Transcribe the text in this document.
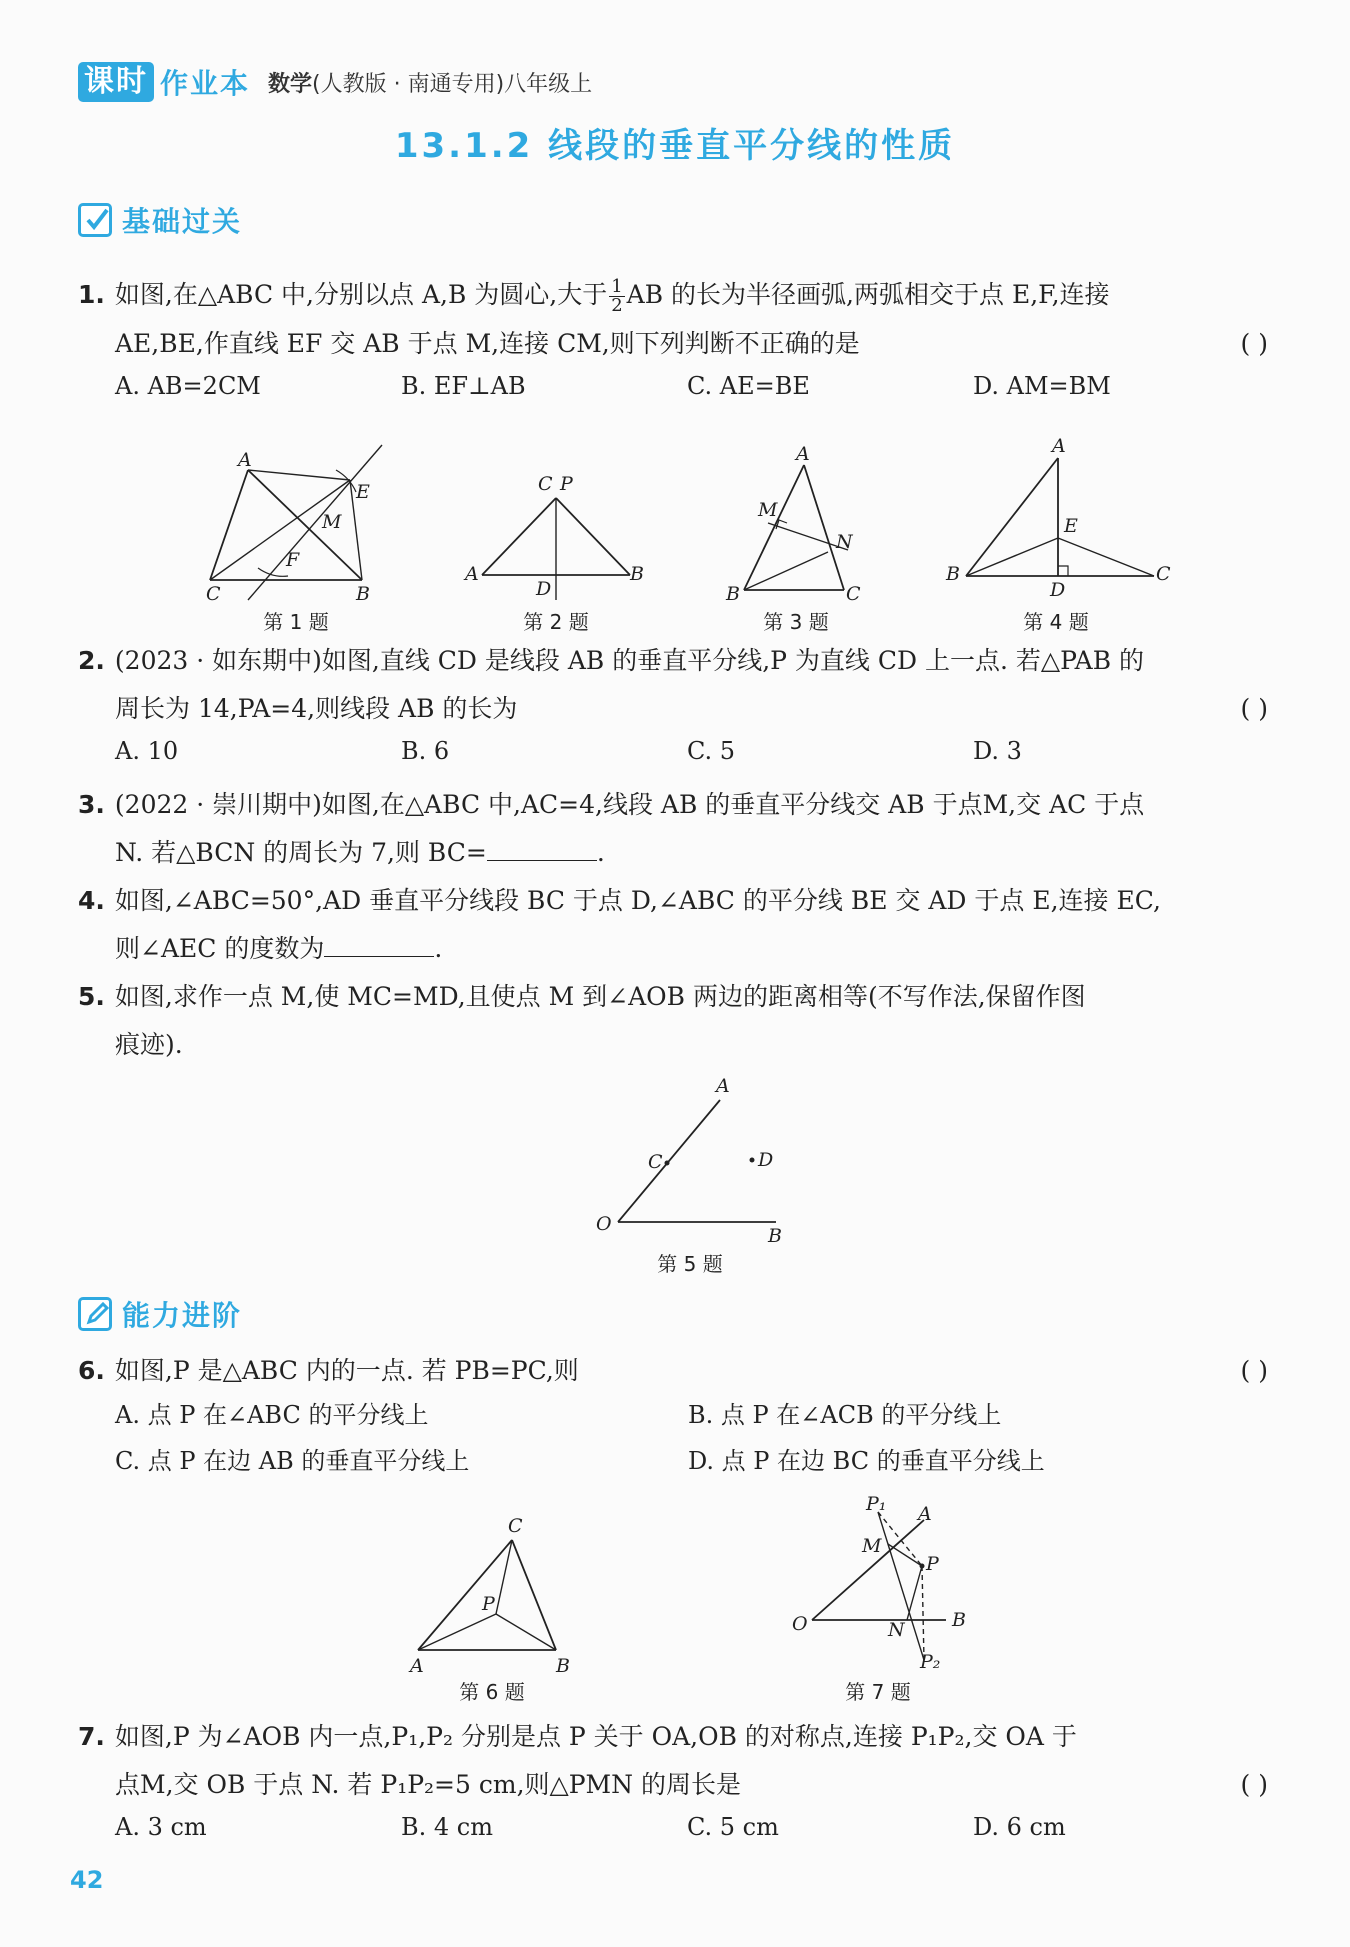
课时 作业本 数学(人教版 · 南通专用)八年级上
13.1.2 线段的垂直平分线的性质
基础过关
1. 如图,在△ABC 中,分别以点 A,B 为圆心,大于 $\frac{1}{2}$ AB 的长为半径画弧,两弧相交于点 E,F,连接
AE,BE,作直线 EF 交 AB 于点 M,连接 CM,则下列判断不正确的是	( )
A. AB=2CM	B. EF⊥AB	C. AE=BE	D. AM=BM
A
E
M
F
C	B
第 1 题
C P
A
D
B
第 2 题
A
M
N
B	C
第 3 题
A
E
B
D
C
第 4 题
2. (2023 · 如东期中)如图,直线 CD 是线段 AB 的垂直平分线,P 为直线 CD 上一点. 若△PAB 的
周长为 14,PA=4,则线段 AB 的长为	( )
A. 10	B. 6	C. 5	D. 3
3. (2022 · 崇川期中)如图,在△ABC 中,AC=4,线段 AB 的垂直平分线交 AB 于点M,交 AC 于点
N. 若△BCN 的周长为 7,则 BC=	.
4. 如图,∠ABC=50°,AD 垂直平分线段 BC 于点 D,∠ABC 的平分线 BE 交 AD 于点 E,连接 EC,
则∠AEC 的度数为	.
5. 如图,求作一点 M,使 MC=MD,且使点 M 到∠AOB 两边的距离相等(不写作法,保留作图
痕迹).
A
C	D
O
B
第 5 题
能力进阶
6. 如图,P 是△ABC 内的一点. 若 PB=PC,则	( )
A. 点 P 在∠ABC 的平分线上	B. 点 P 在∠ACB 的平分线上
C. 点 P 在边 AB 的垂直平分线上	D. 点 P 在边 BC 的垂直平分线上
C
P
A	B
第 6 题
P₁ A
M
P
O	N B
P₂
第 7 题
7. 如图,P 为∠AOB 内一点,P₁,P₂ 分别是点 P 关于 OA,OB 的对称点,连接 P₁P₂,交 OA 于
点M,交 OB 于点 N. 若 P₁P₂=5 cm,则△PMN 的周长是	( )
A. 3 cm	B. 4 cm	C. 5 cm	D. 6 cm
42
